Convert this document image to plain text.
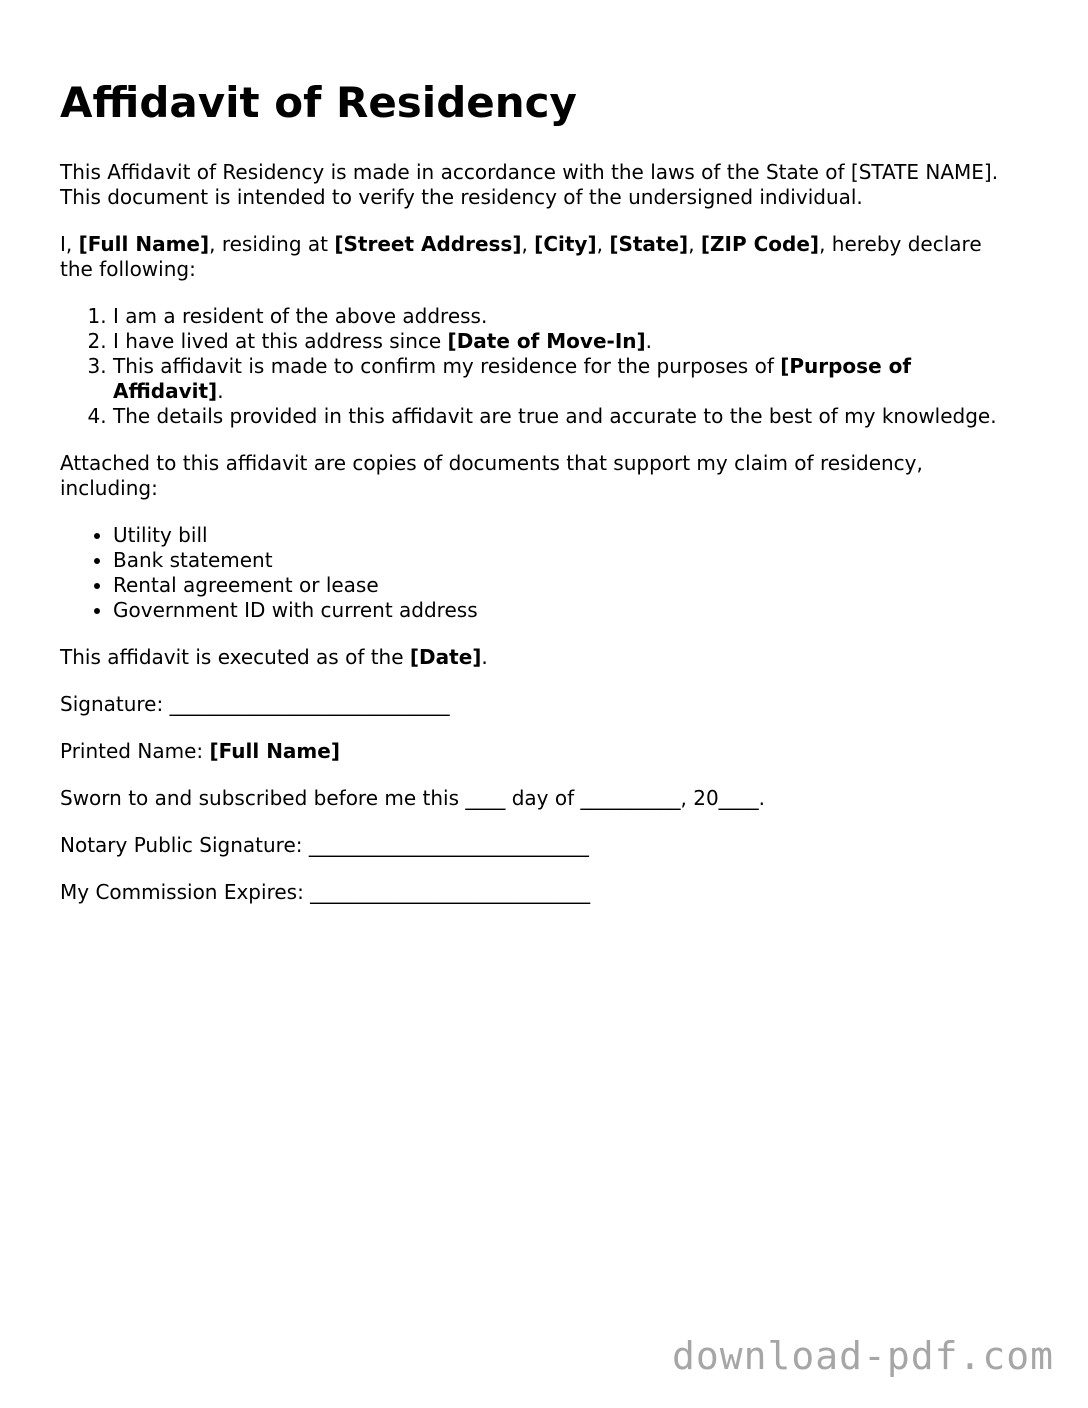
Affidavit of Residency

This Affidavit of Residency is made in accordance with the laws of the State of [STATE NAME]. This document is intended to verify the residency of the undersigned individual.

I, [Full Name], residing at [Street Address], [City], [State], [ZIP Code], hereby declare the following:

1. I am a resident of the above address.
2. I have lived at this address since [Date of Move-In].
3. This affidavit is made to confirm my residence for the purposes of [Purpose of Affidavit].
4. The details provided in this affidavit are true and accurate to the best of my knowledge.

Attached to this affidavit are copies of documents that support my claim of residency, including:

• Utility bill
• Bank statement
• Rental agreement or lease
• Government ID with current address

This affidavit is executed as of the [Date].

Signature: ____________________________

Printed Name: [Full Name]

Sworn to and subscribed before me this ____ day of __________, 20____.

Notary Public Signature: ____________________________

My Commission Expires: ____________________________

download-pdf.com
